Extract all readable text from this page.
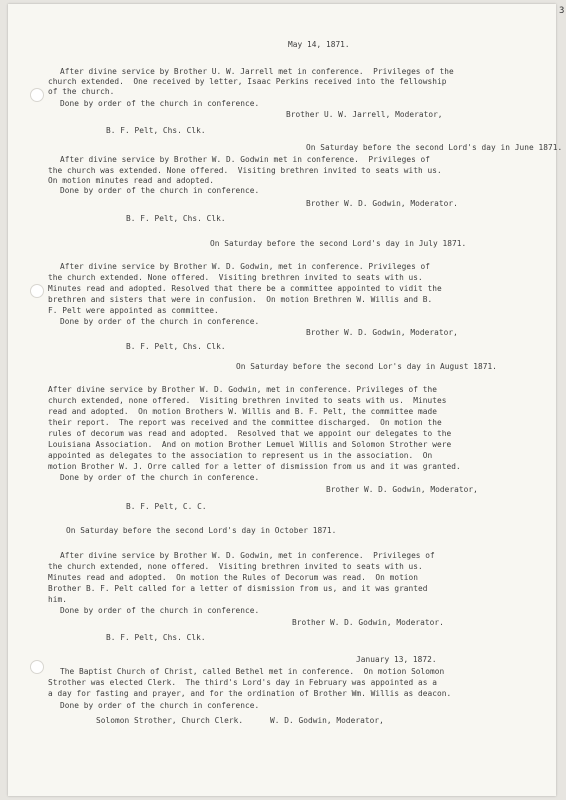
3
May 14, 1871.
After divine service by Brother U. W. Jarrell met in conference.  Privileges of the
church extended.  One received by letter, Isaac Perkins received into the fellowship
of the church.
Done by order of the church in conference.
Brother U. W. Jarrell, Moderator,
B. F. Pelt, Chs. Clk.
On Saturday before the second Lord's day in June 1871.
After divine service by Brother W. D. Godwin met in conference.  Privileges of
the church was extended. None offered.  Visiting brethren invited to seats with us.
On motion minutes read and adopted.
Done by order of the church in conference.
Brother W. D. Godwin, Moderator.
B. F. Pelt, Chs. Clk.
On Saturday before the second Lord's day in July 1871.
After divine service by Brother W. D. Godwin, met in conference. Privileges of
the church extended. None offered.  Visiting brethren invited to seats with us.
Minutes read and adopted. Resolved that there be a committee appointed to vidit the
brethren and sisters that were in confusion.  On motion Brethren W. Willis and B.
F. Pelt were appointed as committee.
Done by order of the church in conference.
Brother W. D. Godwin, Moderator,
B. F. Pelt, Chs. Clk.
On Saturday before the second Lor's day in August 1871.
After divine service by Brother W. D. Godwin, met in conference. Privileges of the
church extended, none offered.  Visiting brethren invited to seats with us.  Minutes
read and adopted.  On motion Brothers W. Willis and B. F. Pelt, the committee made
their report.  The report was received and the committee discharged.  On motion the
rules of decorum was read and adopted.  Resolved that we appoint our delegates to the
Louisiana Association.  And on motion Brother Lemuel Willis and Solomon Strother were
appointed as delegates to the association to represent us in the association.  On
motion Brother W. J. Orre called for a letter of dismission from us and it was granted.
Done by order of the church in conference.
Brother W. D. Godwin, Moderator,
B. F. Pelt, C. C.
On Saturday before the second Lord's day in October 1871.
After divine service by Brother W. D. Godwin, met in conference.  Privileges of
the church extended, none offered.  Visiting brethren invited to seats with us.
Minutes read and adopted.  On motion the Rules of Decorum was read.  On motion
Brother B. F. Pelt called for a letter of dismission from us, and it was granted
him.
Done by order of the church in conference.
Brother W. D. Godwin, Moderator.
B. F. Pelt, Chs. Clk.
January 13, 1872.
The Baptist Church of Christ, called Bethel met in conference.  On motion Solomon
Strother was elected Clerk.  The third's Lord's day in February was appointed as a
a day for fasting and prayer, and for the ordination of Brother Wm. Willis as deacon.
Done by order of the church in conference.
Solomon Strother, Church Clerk.	W. D. Godwin, Moderator,
